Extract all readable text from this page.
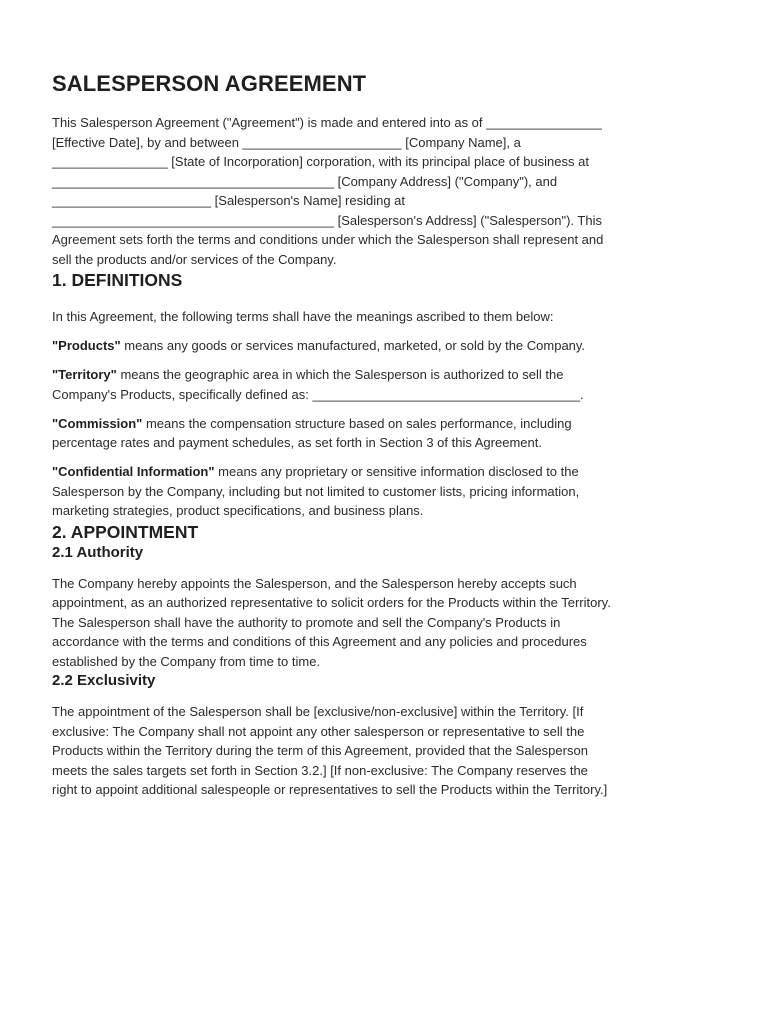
SALESPERSON AGREEMENT

This Salesperson Agreement ("Agreement") is made and entered into as of ________________
[Effective Date], by and between ______________________ [Company Name], a
________________ [State of Incorporation] corporation, with its principal place of business at
_______________________________________ [Company Address] ("Company"), and
______________________ [Salesperson's Name] residing at
_______________________________________ [Salesperson's Address] ("Salesperson"). This
Agreement sets forth the terms and conditions under which the Salesperson shall represent and
sell the products and/or services of the Company.

1. DEFINITIONS

In this Agreement, the following terms shall have the meanings ascribed to them below:

"Products" means any goods or services manufactured, marketed, or sold by the Company.

"Territory" means the geographic area in which the Salesperson is authorized to sell the
Company's Products, specifically defined as: _____________________________________.

"Commission" means the compensation structure based on sales performance, including
percentage rates and payment schedules, as set forth in Section 3 of this Agreement.

"Confidential Information" means any proprietary or sensitive information disclosed to the
Salesperson by the Company, including but not limited to customer lists, pricing information,
marketing strategies, product specifications, and business plans.

2. APPOINTMENT
2.1 Authority

The Company hereby appoints the Salesperson, and the Salesperson hereby accepts such
appointment, as an authorized representative to solicit orders for the Products within the Territory.
The Salesperson shall have the authority to promote and sell the Company's Products in
accordance with the terms and conditions of this Agreement and any policies and procedures
established by the Company from time to time.

2.2 Exclusivity

The appointment of the Salesperson shall be [exclusive/non-exclusive] within the Territory. [If
exclusive: The Company shall not appoint any other salesperson or representative to sell the
Products within the Territory during the term of this Agreement, provided that the Salesperson
meets the sales targets set forth in Section 3.2.] [If non-exclusive: The Company reserves the
right to appoint additional salespeople or representatives to sell the Products within the Territory.]
